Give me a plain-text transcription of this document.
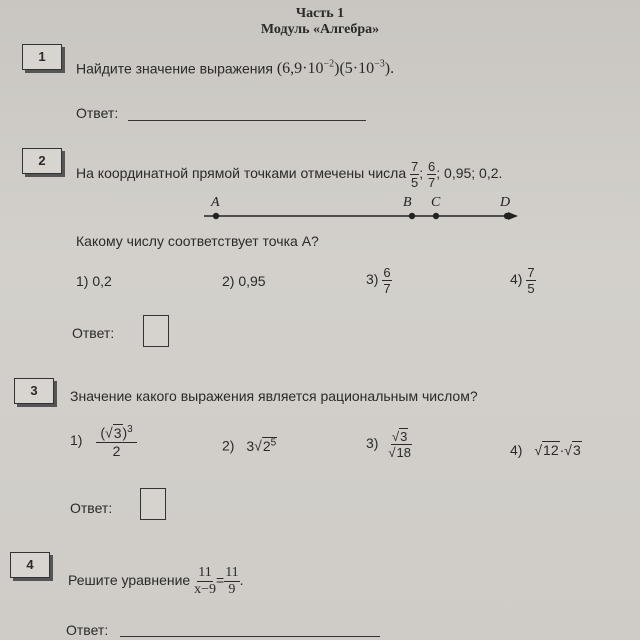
Часть 1
Модуль «Алгебра»
1
Найдите значение выражения $(6,9\cdot 10^{-2})(5\cdot 10^{-3})$.
Ответ:
2
На координатной прямой точками отмечены числа $\frac{7}{5}$ ; $\frac{6}{7}$ ; 0,95; 0,2.
A	B C	D
Какому числу соответствует точка A?
1) 0,2	2) 0,95	$3) \frac{6}{7}$	$4) \frac{7}{5}$
Ответ:
3	Значение какого выражения является рациональным числом?
$1) \frac{(√3)^3}{2}$	2) $3√2^5$	$3) \frac{√3}{√18}$	4) √12·√3
Ответ:
4
Решите уравнение $\frac{11}{x-9} = \frac{11}{9}$ .
Ответ:
